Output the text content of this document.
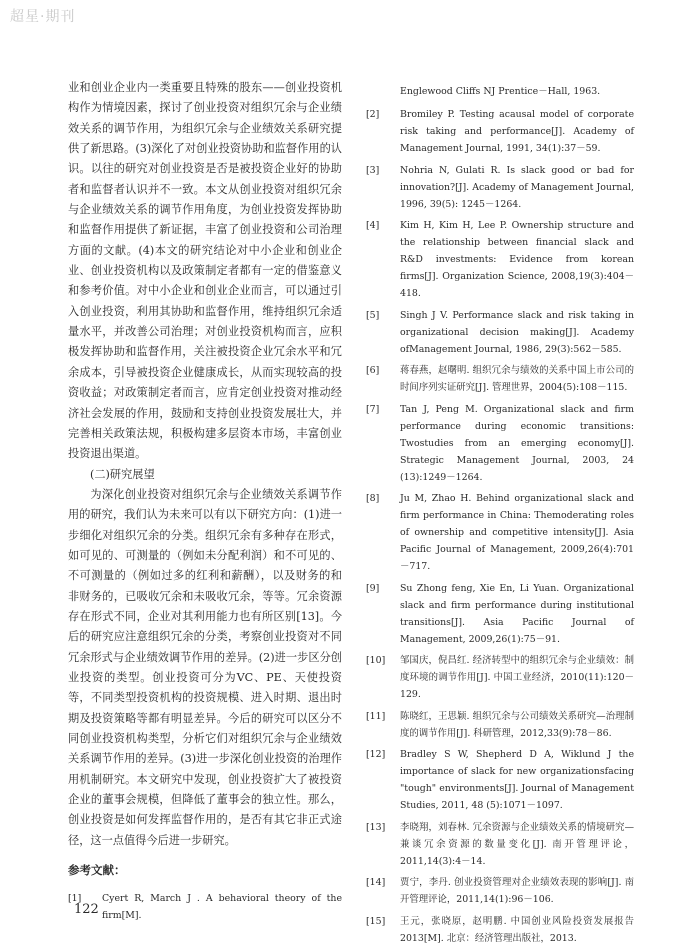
超星·期刊

业和创业企业内一类重要且特殊的股东——创业投资机构作为情境因素，探讨了创业投资对组织冗余与企业绩效关系的调节作用，为组织冗余与企业绩效关系研究提供了新思路。(3)深化了对创业投资协助和监督作用的认识。以往的研究对创业投资是否是被投资企业好的协助者和监督者认识并不一致。本文从创业投资对组织冗余与企业绩效关系的调节作用角度，为创业投资发挥协助和监督作用提供了新证据，丰富了创业投资和公司治理方面的文献。(4)本文的研究结论对中小企业和创业企业、创业投资机构以及政策制定者都有一定的借鉴意义和参考价值。对中小企业和创业企业而言，可以通过引入创业投资，利用其协助和监督作用，维持组织冗余适量水平，并改善公司治理；对创业投资机构而言，应积极发挥协助和监督作用，关注被投资企业冗余水平和冗余成本，引导被投资企业健康成长，从而实现较高的投资收益；对政策制定者而言，应肯定创业投资对推动经济社会发展的作用，鼓励和支持创业投资发展壮大，并完善相关政策法规，积极构建多层资本市场，丰富创业投资退出渠道。

(二)研究展望

为深化创业投资对组织冗余与企业绩效关系调节作用的研究，我们认为未来可以有以下研究方向：(1)进一步细化对组织冗余的分类。组织冗余有多种存在形式，如可见的、可测量的（例如未分配利润）和不可见的、不可测量的（例如过多的红利和薪酬），以及财务的和非财务的，已吸收冗余和未吸收冗余，等等。冗余资源存在形式不同，企业对其利用能力也有所区别[13]。今后的研究应注意组织冗余的分类，考察创业投资对不同冗余形式与企业绩效调节作用的差异。(2)进一步区分创业投资的类型。创业投资可分为VC、PE、天使投资等，不同类型投资机构的投资规模、进入时期、退出时期及投资策略等都有明显差异。今后的研究可以区分不同创业投资机构类型，分析它们对组织冗余与企业绩效关系调节作用的差异。(3)进一步深化创业投资的治理作用机制研究。本文研究中发现，创业投资扩大了被投资企业的董事会规模，但降低了董事会的独立性。那么，创业投资是如何发挥监督作用的，是否有其它非正式途径，这一点值得今后进一步研究。

参考文献：
[1]	Cyert R, March J . A behavioral theory of the firm[M].
Englewood Cliffs NJ Prentice－Hall, 1963.
[2]	Bromiley P. Testing acausal model of corporate risk taking and performance[J]. Academy of Management Journal, 1991, 34(1):37－59.
[3]	Nohria N, Gulati R. Is slack good or bad for innovation?[J]. Academy of Management Journal, 1996, 39(5): 1245－1264.
[4]	Kim H, Kim H, Lee P. Ownership structure and the relationship between financial slack and R&D investments: Evidence from korean firms[J]. Organization Science, 2008,19(3):404－418.
[5]	Singh J V. Performance slack and risk taking in organizational decision making[J]. Academy ofManagement Journal, 1986, 29(3):562－585.
[6]	蒋春燕，赵曙明. 组织冗余与绩效的关系中国上市公司的时间序列实证研究[J]. 管理世界，2004(5):108－115.
[7]	Tan J, Peng M. Organizational slack and firm performance during economic transitions: Twostudies from an emerging economy[J]. Strategic Management Journal, 2003, 24 (13):1249－1264.
[8]	Ju M, Zhao H. Behind organizational slack and firm performance in China: Themoderating roles of ownership and competitive intensity[J]. Asia Pacific Journal of Management, 2009,26(4):701－717.
[9]	Su Zhong feng, Xie En, Li Yuan. Organizational slack and firm performance during institutional transitions[J]. Asia Pacific Journal of Management, 2009,26(1):75－91.
[10]	邹国庆，倪昌红. 经济转型中的组织冗余与企业绩效：制度环境的调节作用[J]. 中国工业经济，2010(11):120－129.
[11]	陈晓红，王思颖. 组织冗余与公司绩效关系研究—治理制度的调节作用[J]. 科研管理，2012,33(9):78－86.
[12]	Bradley S W, Shepherd D A, Wiklund J the importance of slack for new organizationsfacing "tough" environments[J]. Journal of Management Studies, 2011, 48 (5):1071－1097.
[13]	李晓翔，刘春林. 冗余资源与企业绩效关系的情境研究—兼谈冗余资源的数量变化[J]. 南开管理评论，2011,14(3):4－14.
[14]	贾宁，李丹. 创业投资管理对企业绩效表现的影响[J]. 南开管理评论，2011,14(1):96－106.
[15]	王元，张晓原，赵明鹏. 中国创业风险投资发展报告2013[M]. 北京：经济管理出版社，2013.
122
